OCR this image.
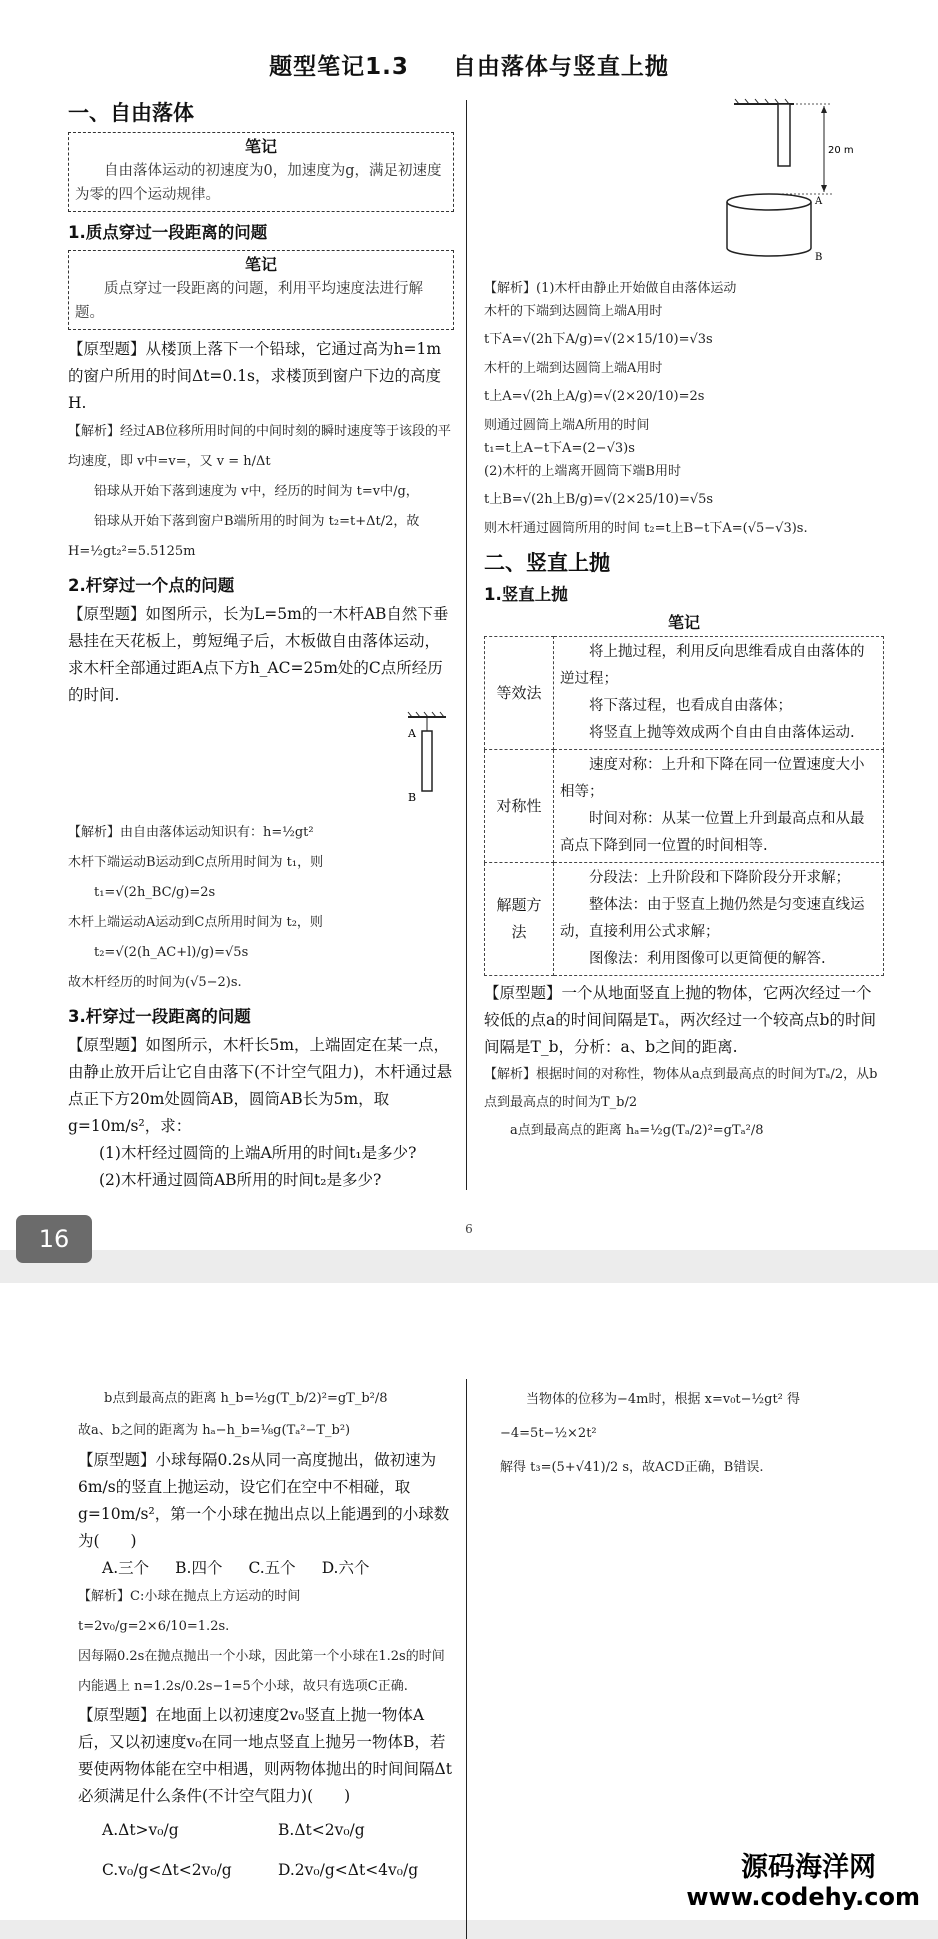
题型笔记1.3 自由落体与竖直上抛
一、自由落体
笔记

自由落体运动的初速度为0，加速度为g，满足初速度为零的四个运动规律。

1.质点穿过一段距离的问题
笔记

质点穿过一段距离的问题，利用平均速度法进行解题。

【原型题】从楼顶上落下一个铅球，它通过高为h=1m的窗户所用的时间Δt=0.1s，求楼顶到窗户下边的高度H.

【解析】经过AB位移所用时间的中间时刻的瞬时速度等于该段的平均速度，即 v中=v=，又 v = h/Δt

铅球从开始下落到速度为 v中，经历的时间为 t=v中/g，

铅球从开始下落到窗户B端所用的时间为 t₂=t+Δt/2，故

H=½gt₂²=5.5125m

2.杆穿过一个点的问题

【原型题】如图所示，长为L=5m的一木杆AB自然下垂悬挂在天花板上，剪短绳子后，木板做自由落体运动，求木杆全部通过距A点下方h_AC=25m处的C点所经历的时间.

A
B

【解析】由自由落体运动知识有：h=½gt²

木杆下端运动B运动到C点所用时间为 t₁，则

t₁=√(2h_BC/g)=2s

木杆上端运动A运动到C点所用时间为 t₂，则

t₂=√(2(h_AC+l)/g)=√5s

故木杆经历的时间为(√5−2)s.

3.杆穿过一段距离的问题

【原型题】如图所示，木杆长5m，上端固定在某一点，由静止放开后让它自由落下(不计空气阻力)，木杆通过悬点正下方20m处圆筒AB，圆筒AB长为5m，取g=10m/s²，求：

(1)木杆经过圆筒的上端A所用的时间t₁是多少?

(2)木杆通过圆筒AB所用的时间t₂是多少?

20 m
A
B

【解析】(1)木杆由静止开始做自由落体运动

木杆的下端到达圆筒上端A用时

t下A=√(2h下A/g)=√(2×15/10)=√3s

木杆的上端到达圆筒上端A用时

t上A=√(2h上A/g)=√(2×20/10)=2s

则通过圆筒上端A所用的时间

t₁=t上A−t下A=(2−√3)s

(2)木杆的上端离开圆筒下端B用时

t上B=√(2h上B/g)=√(2×25/10)=√5s

则木杆通过圆筒所用的时间 t₂=t上B−t下A=(√5−√3)s.

二、竖直上抛
1.竖直上抛
笔记
等效法	将上抛过程，利用反向思维看成自由落体的逆过程；

将下落过程，也看成自由落体；

将竖直上抛等效成两个自由自由落体运动.

对称性	速度对称：上升和下降在同一位置速度大小相等；

时间对称：从某一位置上升到最高点和从最高点下降到同一位置的时间相等.

解题方法	分段法：上升阶段和下降阶段分开求解；

整体法：由于竖直上抛仍然是匀变速直线运动，直接利用公式求解；

图像法：利用图像可以更简便的解答.

【原型题】一个从地面竖直上抛的物体，它两次经过一个较低的点a的时间间隔是Tₐ，两次经过一个较高点b的时间间隔是T_b，分析：a、b之间的距离.

【解析】根据时间的对称性，物体从a点到最高点的时间为Tₐ/2，从b点到最高点的时间为T_b/2

a点到最高点的距离 hₐ=½g(Tₐ/2)²=gTₐ²/8

6
16

b点到最高点的距离 h_b=½g(T_b/2)²=gT_b²/8

故a、b之间的距离为 hₐ−h_b=⅛g(Tₐ²−T_b²)

【原型题】小球每隔0.2s从同一高度抛出，做初速为6m/s的竖直上抛运动，设它们在空中不相碰，取g=10m/s²，第一个小球在抛出点以上能遇到的小球数为(　　)

A.三个 B.四个 C.五个 D.六个

【解析】C:小球在抛点上方运动的时间 t=2v₀/g=2×6/10=1.2s.

因每隔0.2s在抛点抛出一个小球，因此第一个小球在1.2s的时间内能遇上 n=1.2s/0.2s−1=5个小球，故只有选项C正确.

【原型题】在地面上以初速度2v₀竖直上抛一物体A后，又以初速度v₀在同一地点竖直上抛另一物体B，若要使两物体能在空中相遇，则两物体抛出的时间间隔Δt必须满足什么条件(不计空气阻力)(　　)

A.Δt>v₀/g	B.Δt<2v₀/g
C.v₀/g<Δt<2v₀/g	D.2v₀/g<Δt<4v₀/g

当物体的位移为−4m时，根据 x=v₀t−½gt² 得

−4=5t−½×2t²

解得 t₃=(5+√41)/2 s，故ACD正确，B错误.

源码海洋网
www.codehy.com
